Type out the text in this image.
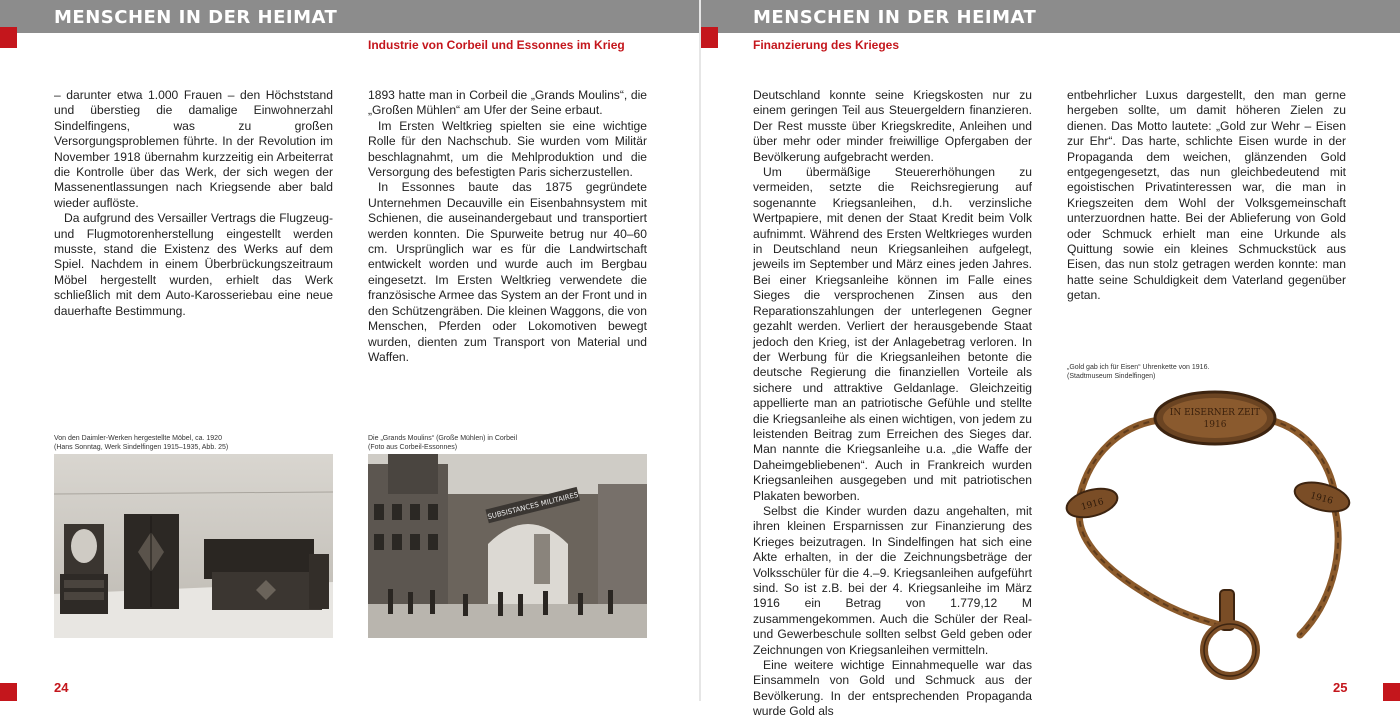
MENSCHEN IN DER HEIMAT	MENSCHEN IN DER HEIMAT
Industrie von Corbeil und Essonnes im Krieg

– darunter etwa 1.000 Frauen – den Höchststand und überstieg die damalige Einwohnerzahl Sindelfingens, was zu großen Versorgungsproblemen führte. In der Revolution im November 1918 übernahm kurzzeitig ein Arbeiterrat die Kontrolle über das Werk, der sich wegen der Massenentlassungen nach Kriegsende aber bald wieder auflöste.

Da aufgrund des Versailler Vertrags die Flugzeug- und Flugmotorenherstellung eingestellt werden musste, stand die Existenz des Werks auf dem Spiel. Nachdem in einem Überbrückungszeitraum Möbel hergestellt wurden, erhielt das Werk schließlich mit dem Auto-Karosseriebau eine neue dauerhafte Bestimmung.

1893 hatte man in Corbeil die „Grands Moulins“, die „Großen Mühlen“ am Ufer der Seine erbaut.

Im Ersten Weltkrieg spielten sie eine wichtige Rolle für den Nachschub. Sie wurden vom Militär beschlagnahmt, um die Mehlproduktion und die Versorgung des befestigten Paris sicherzustellen.

In Essonnes baute das 1875 gegründete Unternehmen Decauville ein Eisenbahnsystem mit Schienen, die auseinandergebaut und transportiert werden konnten. Die Spurweite betrug nur 40–60 cm. Ursprünglich war es für die Landwirtschaft entwickelt worden und wurde auch im Bergbau eingesetzt. Im Ersten Weltkrieg verwendete die französische Armee das System an der Front und in den Schützengräben. Die kleinen Waggons, die von Menschen, Pferden oder Lokomotiven bewegt wurden, dienten zum Transport von Material und Waffen.

Von den Daimler-Werken hergestellte Möbel, ca. 1920
(Hans Sonntag, Werk Sindelfingen 1915–1935, Abb. 25)
Die „Grands Moulins“ (Große Mühlen) in Corbeil
(Foto aus Corbeil-Essonnes)
SUBSISTANCES MILITAIRES
24
Finanzierung des Krieges

Deutschland konnte seine Kriegskosten nur zu einem geringen Teil aus Steuergeldern finanzieren. Der Rest musste über Kriegskredite, Anleihen und über mehr oder minder freiwillige Opfergaben der Bevölkerung aufgebracht werden.

Um übermäßige Steuererhöhungen zu vermeiden, setzte die Reichsregierung auf sogenannte Kriegsanleihen, d.h. verzinsliche Wertpapiere, mit denen der Staat Kredit beim Volk aufnimmt. Während des Ersten Weltkrieges wurden in Deutschland neun Kriegsanleihen aufgelegt, jeweils im September und März eines jeden Jahres. Bei einer Kriegsanleihe können im Falle eines Sieges die versprochenen Zinsen aus den Reparationszahlungen der unterlegenen Gegner gezahlt werden. Verliert der herausgebende Staat jedoch den Krieg, ist der Anlagebetrag verloren. In der Werbung für die Kriegsanleihen betonte die deutsche Regierung die finanziellen Vorteile als sichere und attraktive Geldanlage. Gleichzeitig appellierte man an patriotische Gefühle und stellte die Kriegsanleihe als einen wichtigen, von jedem zu leistenden Beitrag zum Erreichen des Sieges dar. Man nannte die Kriegsanleihe u.a. „die Waffe der Daheimgebliebenen“. Auch in Frankreich wurden Kriegsanleihen ausgegeben und mit patriotischen Plakaten beworben.

Selbst die Kinder wurden dazu angehalten, mit ihren kleinen Ersparnissen zur Finanzierung des Krieges beizutragen. In Sindelfingen hat sich eine Akte erhalten, in der die Zeichnungsbeträge der Volksschüler für die 4.–9. Kriegsanleihen aufgeführt sind. So ist z.B. bei der 4. Kriegsanleihe im März 1916 ein Betrag von 1.779,12 M zusammengekommen. Auch die Schüler der Real- und Gewerbeschule sollten selbst Geld geben oder Zeichnungen von Kriegsanleihen vermitteln.

Eine weitere wichtige Einnahmequelle war das Einsammeln von Gold und Schmuck aus der Bevölkerung. In der entsprechenden Propaganda wurde Gold als

entbehrlicher Luxus dargestellt, den man gerne hergeben sollte, um damit höheren Zielen zu dienen. Das Motto lautete: „Gold zur Wehr – Eisen zur Ehr“. Das harte, schlichte Eisen wurde in der Propaganda dem weichen, glänzenden Gold entgegengesetzt, das nun gleichbedeutend mit egoistischen Privatinteressen war, die man in Kriegszeiten dem Wohl der Volksgemeinschaft unterzuordnen hatte. Bei der Ablieferung von Gold oder Schmuck erhielt man eine Urkunde als Quittung sowie ein kleines Schmuckstück aus Eisen, das nun stolz getragen werden konnte: man hatte seine Schuldigkeit dem Vaterland gegenüber getan.

„Gold gab ich für Eisen“ Uhrenkette von 1916.
(Stadtmuseum Sindelfingen)
IN EISERNER ZEIT
1916
1916	1916
25
